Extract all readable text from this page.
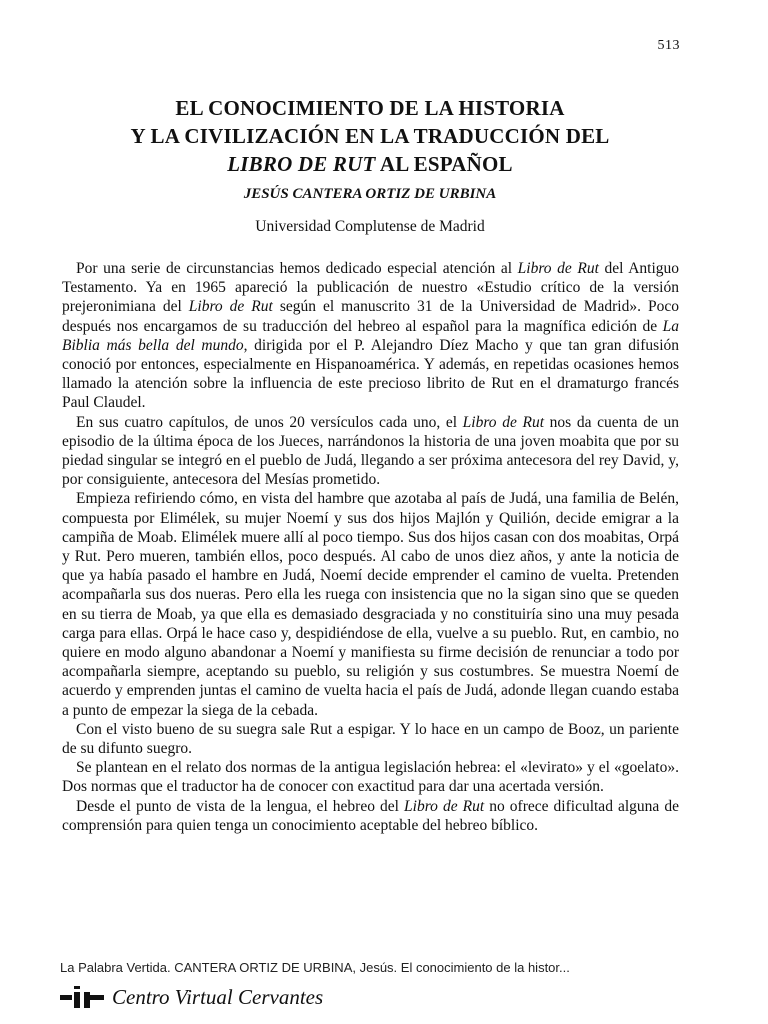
513
EL CONOCIMIENTO DE LA HISTORIA
Y LA CIVILIZACIÓN EN LA TRADUCCIÓN DEL
LIBRO DE RUT AL ESPAÑOL
JESÚS CANTERA ORTIZ DE URBINA
Universidad Complutense de Madrid

Por una serie de circunstancias hemos dedicado especial atención al Libro de Rut del Antiguo Testamento. Ya en 1965 apareció la publicación de nuestro «Estudio crítico de la versión prejeronimiana del Libro de Rut según el manuscrito 31 de la Universidad de Madrid». Poco después nos encargamos de su traducción del hebreo al español para la magnífica edición de La Biblia más bella del mundo, dirigida por el P. Alejandro Díez Macho y que tan gran difusión conoció por entonces, especialmente en Hispanoamérica. Y además, en repetidas ocasiones hemos llamado la atención sobre la influencia de este precioso librito de Rut en el dramaturgo francés Paul Claudel.

En sus cuatro capítulos, de unos 20 versículos cada uno, el Libro de Rut nos da cuenta de un episodio de la última época de los Jueces, narrándonos la historia de una joven moabita que por su piedad singular se integró en el pueblo de Judá, llegando a ser próxima antecesora del rey David, y, por consiguiente, antecesora del Mesías prometido.

Empieza refiriendo cómo, en vista del hambre que azotaba al país de Judá, una familia de Belén, compuesta por Elimélek, su mujer Noemí y sus dos hijos Majlón y Quilión, decide emigrar a la campiña de Moab. Elimélek muere allí al poco tiempo. Sus dos hijos casan con dos moabitas, Orpá y Rut. Pero mueren, también ellos, poco después. Al cabo de unos diez años, y ante la noticia de que ya había pasado el hambre en Judá, Noemí decide emprender el camino de vuelta. Pretenden acompañarla sus dos nueras. Pero ella les ruega con insistencia que no la sigan sino que se queden en su tierra de Moab, ya que ella es demasiado desgraciada y no constituiría sino una muy pesada carga para ellas. Orpá le hace caso y, despidiéndose de ella, vuelve a su pueblo. Rut, en cambio, no quiere en modo alguno abandonar a Noemí y manifiesta su firme decisión de renunciar a todo por acompañarla siempre, aceptando su pueblo, su religión y sus costumbres. Se muestra Noemí de acuerdo y emprenden juntas el camino de vuelta hacia el país de Judá, adonde llegan cuando estaba a punto de empezar la siega de la cebada.

Con el visto bueno de su suegra sale Rut a espigar. Y lo hace en un campo de Booz, un pariente de su difunto suegro.

Se plantean en el relato dos normas de la antigua legislación hebrea: el «levirato» y el «goelato». Dos normas que el traductor ha de conocer con exactitud para dar una acertada versión.

Desde el punto de vista de la lengua, el hebreo del Libro de Rut no ofrece dificultad alguna de comprensión para quien tenga un conocimiento aceptable del hebreo bíblico.

La Palabra Vertida. CANTERA ORTIZ DE URBINA, Jesús. El conocimiento de la histor...
Centro Virtual Cervantes
